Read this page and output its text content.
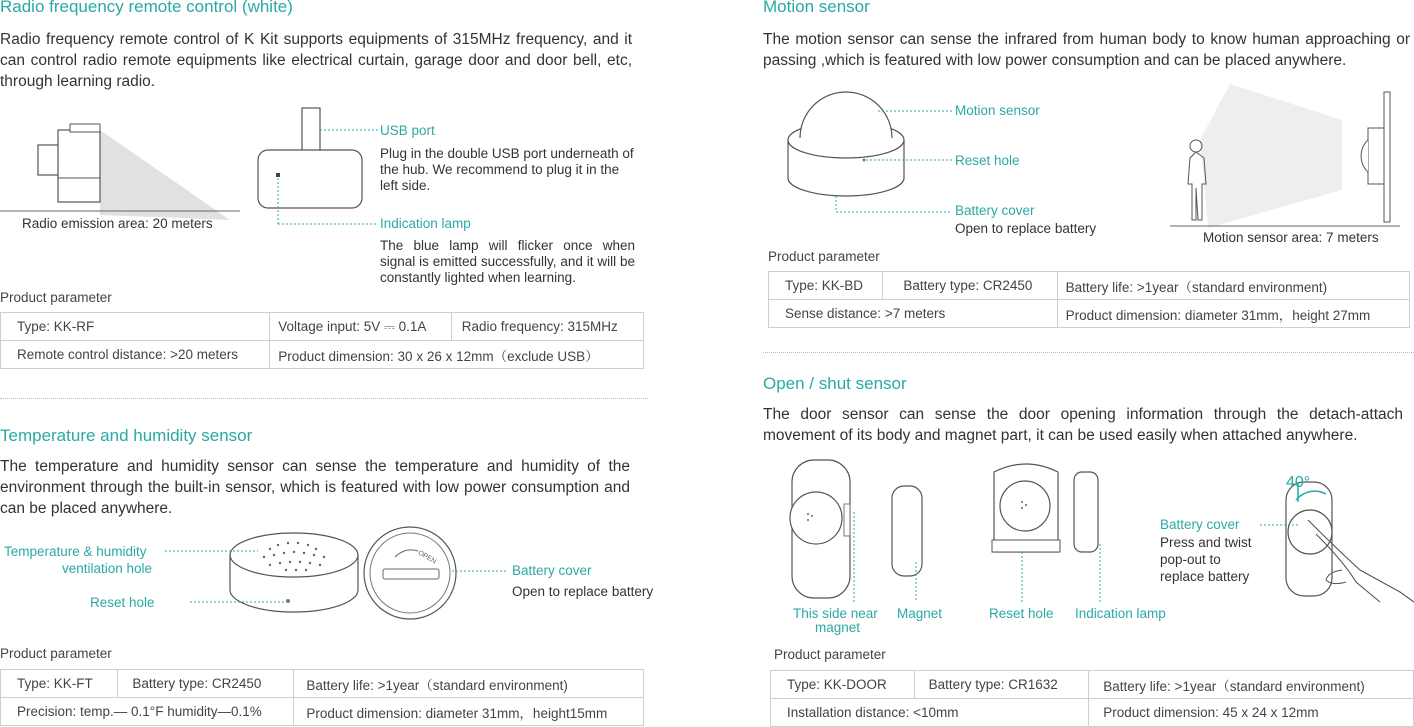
Radio frequency remote control (white)
Radio frequency remote control of K Kit supports equipments of 315MHz frequency, and it can control radio remote equipments like electrical curtain, garage door and door bell, etc, through learning radio.
Radio emission area: 20 meters
USB port
Plug in the double USB port underneath of the hub. We recommend to plug it in the left side.
Indication lamp
The blue lamp will flicker once when signal is emitted successfully, and it will be constantly lighted when learning.
Product parameter
Type: KK-RF	Voltage input: 5V ⎓ 0.1A	Radio frequency: 315MHz
Remote control distance: >20 meters	Product dimension: 30 x 26 x 12mm（exclude USB）	
Temperature and humidity sensor
The temperature and humidity sensor can sense the temperature and humidity of the environment through the built-in sensor, which is featured with low power consumption and can be placed anywhere.
OPEN
Temperature & humidity
ventilation hole
Reset hole
Battery cover
Open to replace battery
Product parameter
Type: KK-FT	Battery type: CR2450	Battery life: >1year（standard environment)
Precision: temp.— 0.1°F humidity—0.1%		Product dimension: diameter 31mm，height15mm
Motion sensor
The motion sensor can sense the infrared from human body to know human approaching or passing ,which is featured with low power consumption and can be placed anywhere.
Motion sensor
Reset hole
Battery cover
Open to replace battery
Motion sensor area: 7 meters
Product parameter
Type: KK-BD	Battery type: CR2450	Battery life: >1year（standard environment)
Sense distance: >7 meters		Product dimension: diameter 31mm，height 27mm
Open / shut sensor
The door sensor can sense the door opening information through the detach-attach movement of its body and magnet part, it can be used easily when attached anywhere.
40°
Battery cover
Press and twist
pop-out to
replace battery
This side near
magnet
Magnet	Reset hole Indication lamp
Product parameter
Type: KK-DOOR	Battery type: CR1632	Battery life: >1year（standard environment)
Installation distance: <10mm		Product dimension: 45 x 24 x 12mm
